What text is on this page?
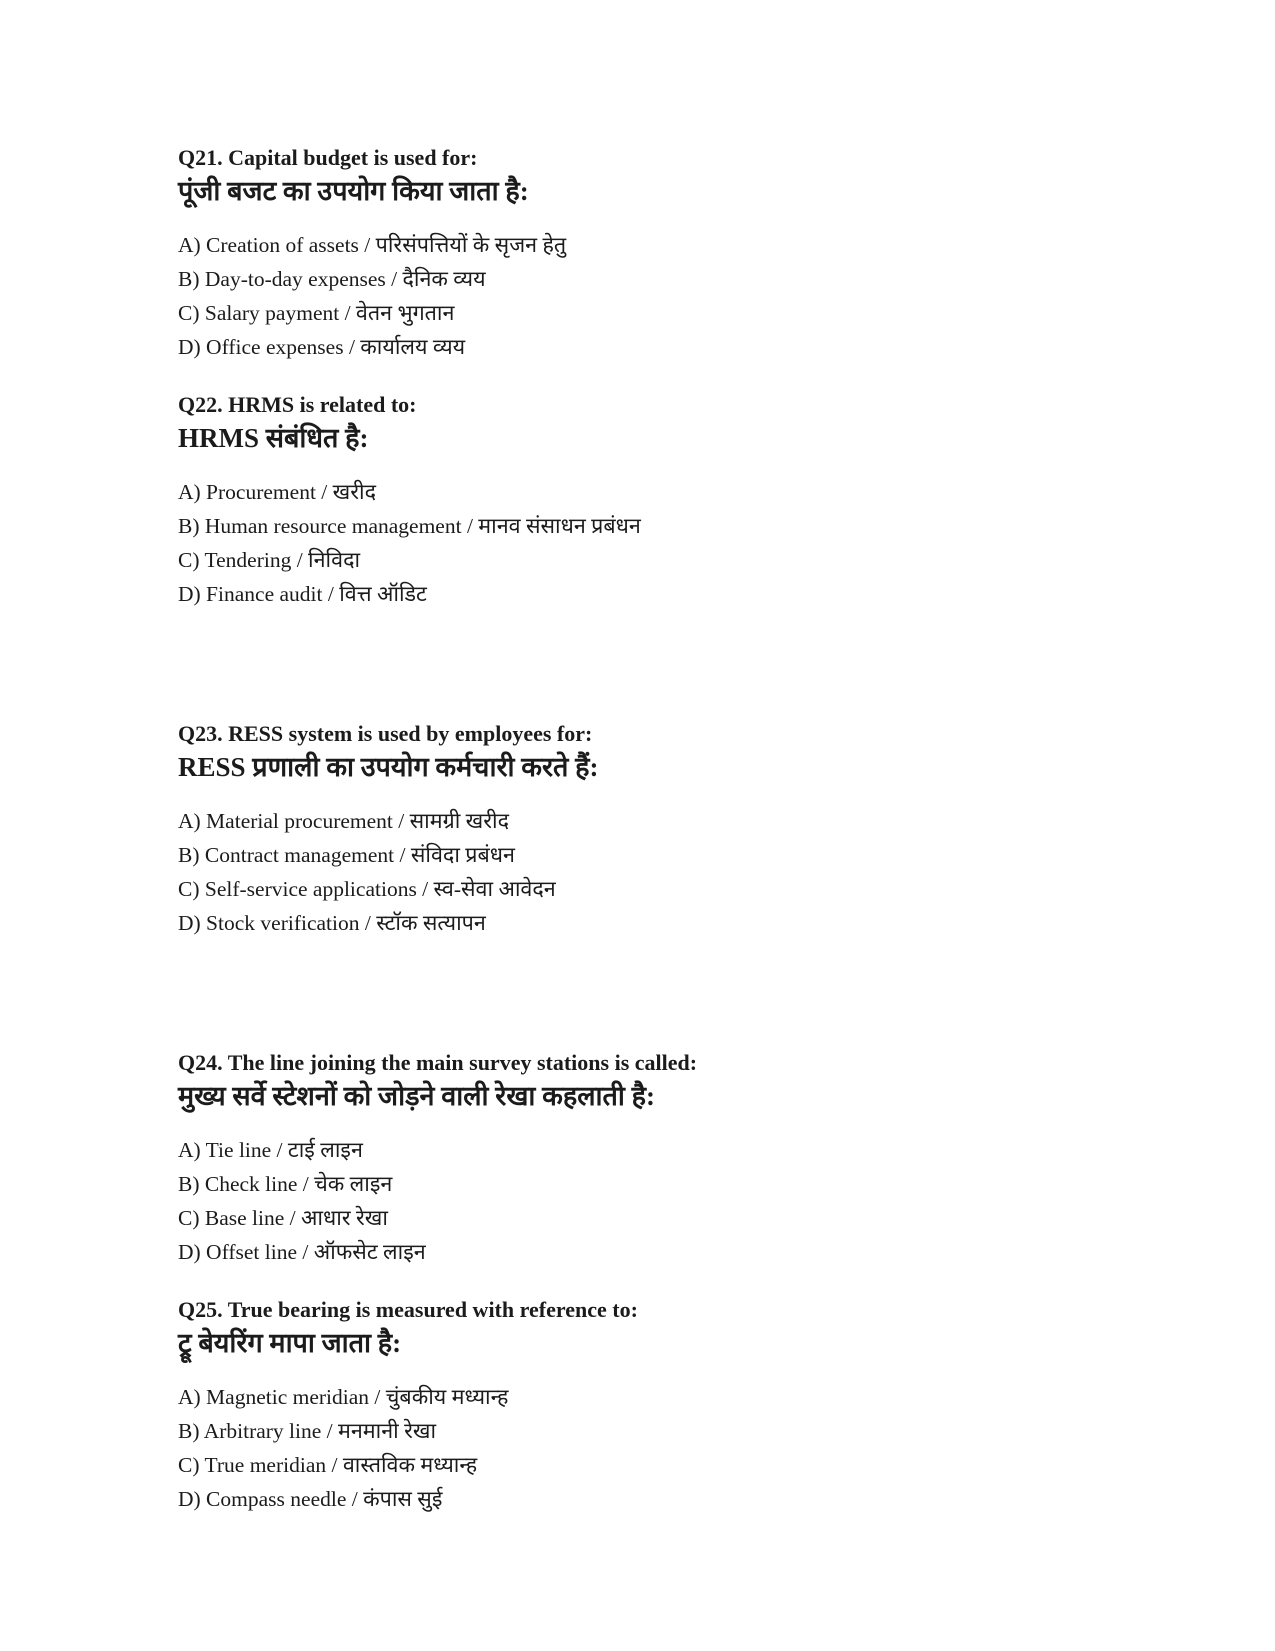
Q21. Capital budget is used for:
पूंजी बजट का उपयोग किया जाता है:

A) Creation of assets / परिसंपत्तियों के सृजन हेतु

B) Day-to-day expenses / दैनिक व्यय

C) Salary payment / वेतन भुगतान

D) Office expenses / कार्यालय व्यय

Q22. HRMS is related to:
HRMS संबंधित है:

A) Procurement / खरीद

B) Human resource management / मानव संसाधन प्रबंधन

C) Tendering / निविदा

D) Finance audit / वित्त ऑडिट

Q23. RESS system is used by employees for:
RESS प्रणाली का उपयोग कर्मचारी करते हैं:

A) Material procurement / सामग्री खरीद

B) Contract management / संविदा प्रबंधन

C) Self-service applications / स्व-सेवा आवेदन

D) Stock verification / स्टॉक सत्यापन

Q24. The line joining the main survey stations is called:
मुख्य सर्वे स्टेशनों को जोड़ने वाली रेखा कहलाती है:

A) Tie line / टाई लाइन

B) Check line / चेक लाइन

C) Base line / आधार रेखा

D) Offset line / ऑफसेट लाइन

Q25. True bearing is measured with reference to:
ट्रू बेयरिंग मापा जाता है:

A) Magnetic meridian / चुंबकीय मध्यान्ह

B) Arbitrary line / मनमानी रेखा

C) True meridian / वास्तविक मध्यान्ह

D) Compass needle / कंपास सुई
